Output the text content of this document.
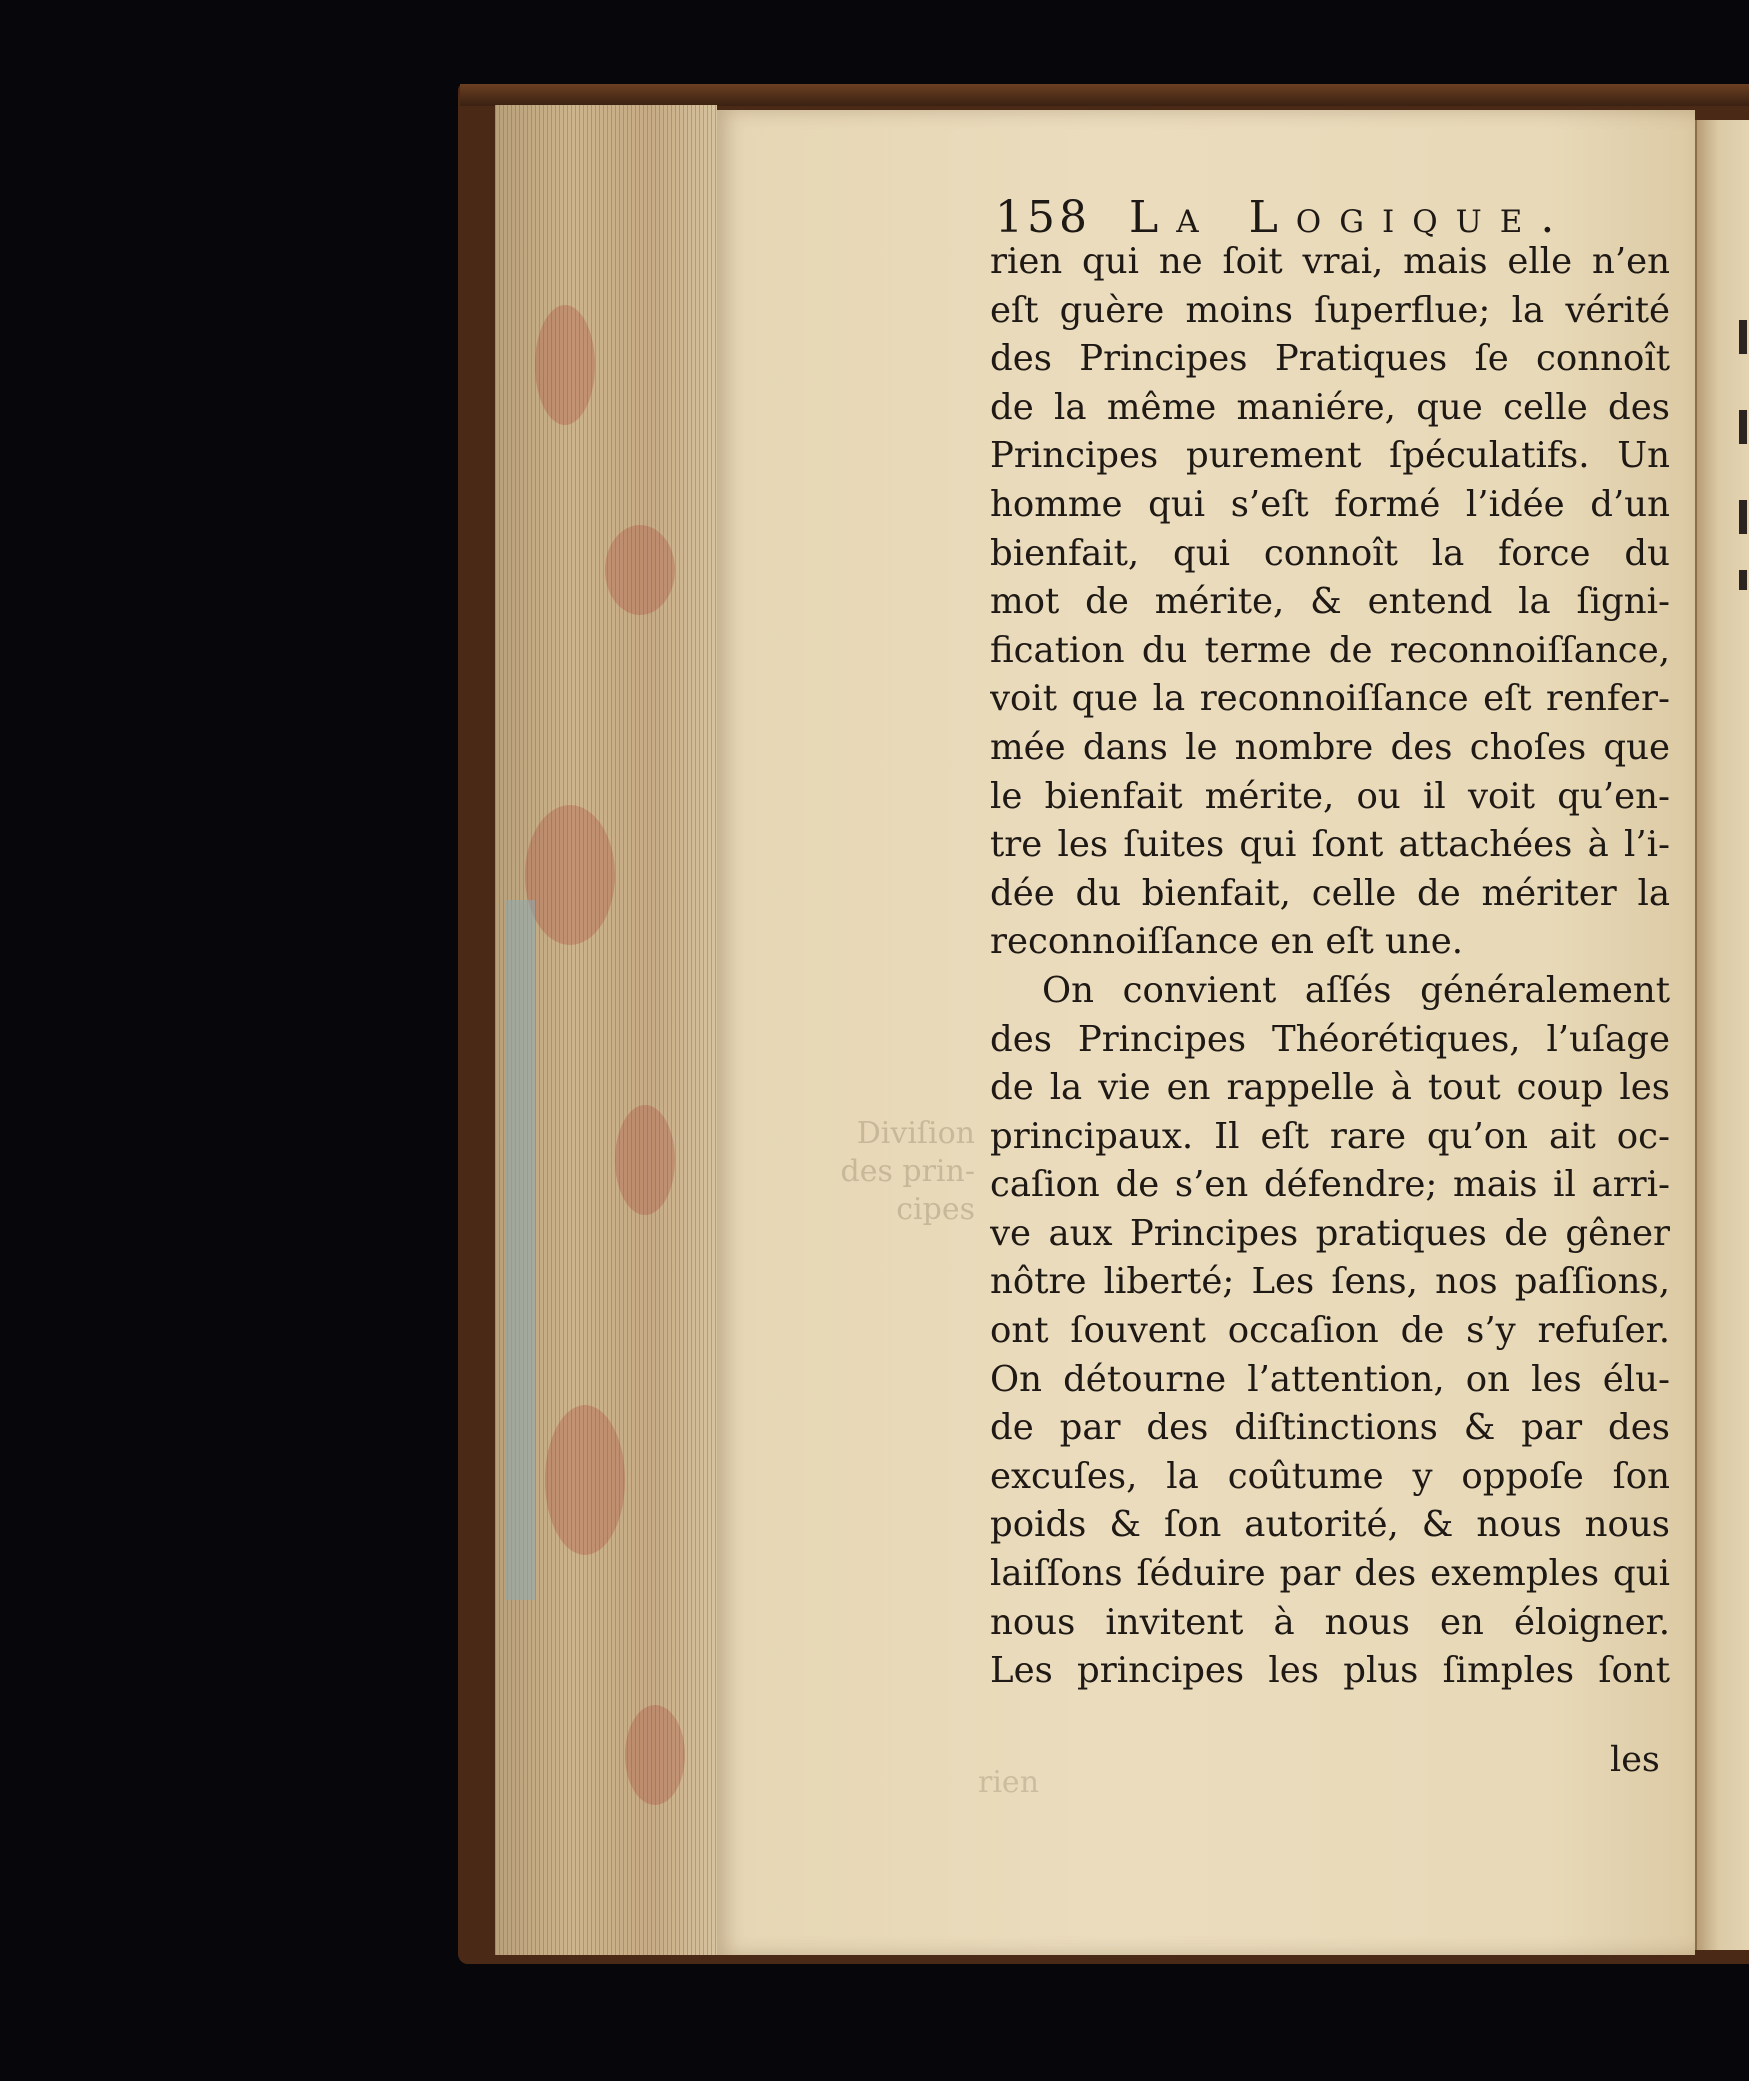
Diviſion
des prin-
cipes
rien
158 La Logique.
rien qui ne ſoit vrai, mais elle n’en
eſt guère moins ſuperflue; la vérité
des Principes Pratiques ſe connoît
de la même maniére, que celle des
Principes purement ſpéculatifs. Un
homme qui s’eſt formé l’idée d’un
bienfait, qui connoît la force du
mot de mérite, & entend la ſigni-
fication du terme de reconnoiſſance,
voit que la reconnoiſſance eſt renfer-
mée dans le nombre des choſes que
le bienfait mérite, ou il voit qu’en-
tre les ſuites qui ſont attachées à l’i-
dée du bienfait, celle de mériter la
reconnoiſſance en eſt une.
On convient aſſés généralement
des Principes Théorétiques, l’uſage
de la vie en rappelle à tout coup les
principaux. Il eſt rare qu’on ait oc-
caſion de s’en défendre; mais il arri-
ve aux Principes pratiques de gêner
nôtre liberté; Les ſens, nos paſſions,
ont ſouvent occaſion de s’y refuſer.
On détourne l’attention, on les élu-
de par des diſtinctions & par des
excuſes, la coûtume y oppoſe ſon
poids & ſon autorité, & nous nous
laiſſons ſéduire par des exemples qui
nous invitent à nous en éloigner.
Les principes les plus ſimples ſont
les
